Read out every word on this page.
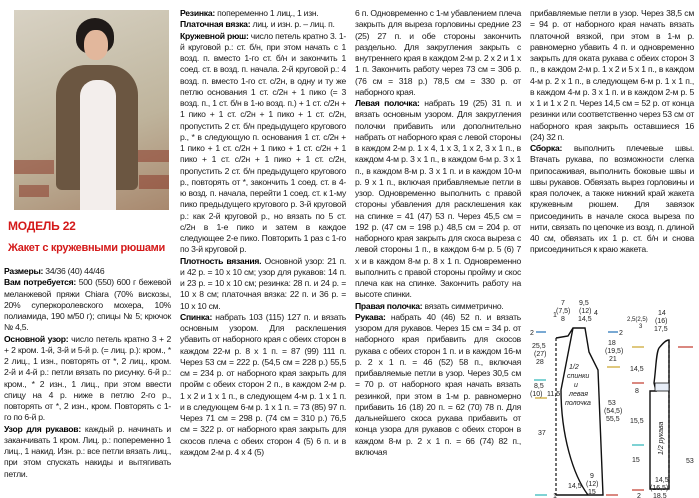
МОДЕЛЬ 22
Жакет с кружевными рюшами

Размеры: 34/36 (40) 44/46

Вам потребуется: 500 (550) 600 г бежевой меланжевой пряжи Chiara (70% вискозы, 20% суперкоролевского мохера, 10% полиамида, 190 м/50 г); спицы № 5; крючок № 4,5.

Основной узор: число петель кратно 3 + 2 + 2 кром. 1-й, 3-й и 5-й р. (= лиц. р.): кром., * 2 лиц., 1 изн., повторять от *, 2 лиц., кром. 2-й и 4-й р.: петли вязать по рисунку. 6-й р.: кром., * 2 изн., 1 лиц., при этом ввести спицу на 4 р. ниже в петлю 2-го р., повторять от *, 2 изн., кром. Повторять с 1-го по 6-й р.

Узор для рукавов: каждый р. начинать и заканчивать 1 кром. Лиц. р.: попеременно 1 лиц., 1 накид. Изн. р.: все петли вязать лиц., при этом спускать накиды и вытягивать петли.

Резинка: попеременно 1 лиц., 1 изн.

Платочная вязка: лиц. и изн. р. – лиц. п.

Кружевной рюш: число петель кратно 3. 1-й круговой р.: ст. б/н, при этом начать с 1 возд. п. вместо 1-го ст. б/н и закончить 1 соед. ст. в возд. п. начала. 2-й круговой р.: 4 возд. п. вместо 1-го ст. с/2н, в одну и ту же петлю основания 1 ст. с/2н + 1 пико (= 3 возд. п., 1 ст. б/н в 1-ю возд. п.) + 1 ст. с/2н + 1 пико + 1 ст. с/2н + 1 пико + 1 ст. с/2н, пропустить 2 ст. б/н предыдущего кругового р., * в следующую п. основания 1 ст. с/2н + 1 пико + 1 ст. с/2н + 1 пико + 1 ст. с/2н + 1 пико + 1 ст. с/2н + 1 пико + 1 ст. с/2н, пропустить 2 ст. б/н предыдущего кругового р., повторять от *, закончить 1 соед. ст. в 4-ю возд. п. начала, перейти 1 соед. ст. к 1-му пико предыдущего кругового р. 3-й круговой р.: как 2-й круговой р., но вязать по 5 ст. с/2н в 1-е пико и затем в каждое следующее 2-е пико. Повторить 1 раз с 1-го по 3-й круговой р.

Плотность вязания. Основной узор: 21 п. и 42 р. = 10 х 10 см; узор для рукавов: 14 п. и 23 р. = 10 х 10 см; резинка: 28 п. и 24 р. = 10 х 8 см; платочная вязка: 22 п. и 36 р. = 10 х 10 см.

Спинка: набрать 103 (115) 127 п. и вязать основным узором. Для расклешения убавить от наборного края с обеих сторон в каждом 22-м р. 8 х 1 п. = 87 (99) 111 п. Через 53 см = 222 р. (54,5 см = 228 р.) 55,5 см = 234 р. от наборного края закрыть для пройм с обеих сторон 2 п., в каждом 2-м р. 1 х 2 и 1 х 1 п., в следующем 4-м р. 1 х 1 п. и в следующем 6-м р. 1 х 1 п. = 73 (85) 97 п. Через 71 см = 298 р. (74 см = 310 р.) 76,5 см = 322 р. от наборного края закрыть для скосов плеча с обеих сторон 4 (5) 6 п. и в каждом 2-м р. 4 х 4 (5)

6 п. Одновременно с 1-м убавлением плеча закрыть для выреза горловины средние 23 (25) 27 п. и обе стороны закончить раздельно. Для закругления закрыть с внутреннего края в каждом 2-м р. 2 х 2 и 1 х 1 п. Закончить работу через 73 см = 306 р. (76 см = 318 р.) 78,5 см = 330 р. от наборного края.

Левая полочка: набрать 19 (25) 31 п. и вязать основным узором. Для закругления полочки прибавить или дополнительно набрать от наборного края с левой стороны в каждом 2-м р. 1 х 4, 1 х 3, 1 х 2, 3 х 1 п., в каждом 4-м р. 3 х 1 п., в каждом 6-м р. 3 х 1 п., в каждом 8-м р. 3 х 1 п. и в каждом 10-м р. 9 х 1 п., включая прибавляемые петли в узор. Одновременно выполнить с правой стороны убавления для расклешения как на спинке = 41 (47) 53 п. Через 45,5 см = 192 р. (47 см = 198 р.) 48,5 см = 204 р. от наборного края закрыть для скоса выреза с левой стороны 1 п., в каждом 6-м р. 5 (6) 7 х и в каждом 8-м р. 8 х 1 п. Одновременно выполнить с правой стороны пройму и скос плеча как на спинке. Закончить работу на высоте спинки.

Правая полочка: вязать симметрично.

Рукава: набрать 40 (46) 52 п. и вязать узором для рукавов. Через 15 см = 34 р. от наборного края прибавить для скосов рукава с обеих сторон 1 п. и в каждом 16-м р. 2 х 1 п. = 46 (52) 58 п., включая прибавляемые петли в узор. Через 30,5 см = 70 р. от наборного края начать вязать резинкой, при этом в 1-м р. равномерно прибавить 16 (18) 20 п. = 62 (70) 78 п. Для дальнейшего скоса рукава прибавить от конца узора для рукавов с обеих сторон в каждом 8-м р. 2 х 1 п. = 66 (74) 82 п., включая

прибавляемые петли в узор. Через 38,5 см = 94 р. от наборного края начать вязать платочной вязкой, при этом в 1-м р. равномерно убавить 4 п. и одновременно закрыть для оката рукава с обеих сторон 3 п., в каждом 2-м р. 1 х 2 и 5 х 1 п., в каждом 4-м р. 2 х 1 п., в следующем 6-м р. 1 х 1 п., в каждом 4-м р. 3 х 1 п. и в каждом 2-м р. 5 х 1 и 1 х 2 п. Через 14,5 см = 52 р. от конца резинки или соответственно через 53 см от наборного края закрыть оставшиеся 16 (24) 32 п.

Сборка: выполнить плечевые швы. Втачать рукава, по возможности слегка припосаживая, выполнить боковые швы и швы рукавов. Обвязать вырез горловины и края полочек, а также нижний край жакета кружевным рюшем. Для завязок присоединить в начале скоса выреза по нити, связать по цепочке из возд. п. длиной 40 см, обвязать их 1 р. ст. б/н и снова присоединиться к краю жакета.

1/2
спинки
и
левая
полочка
1
7
(7,5)
8
9,5
(12)
14,5
4
2	2
25,5
(27)
28
8,5
(10) 11,5
37
18
(19,5)
21
53
(54,5)
55,5
1
14,5
9
(12)
15
1/2 рукава
2,5(2,5)
3
14
(16)
17,5
14,5
8
15,5
15	53
2
14,5
(16,5)
18,5
